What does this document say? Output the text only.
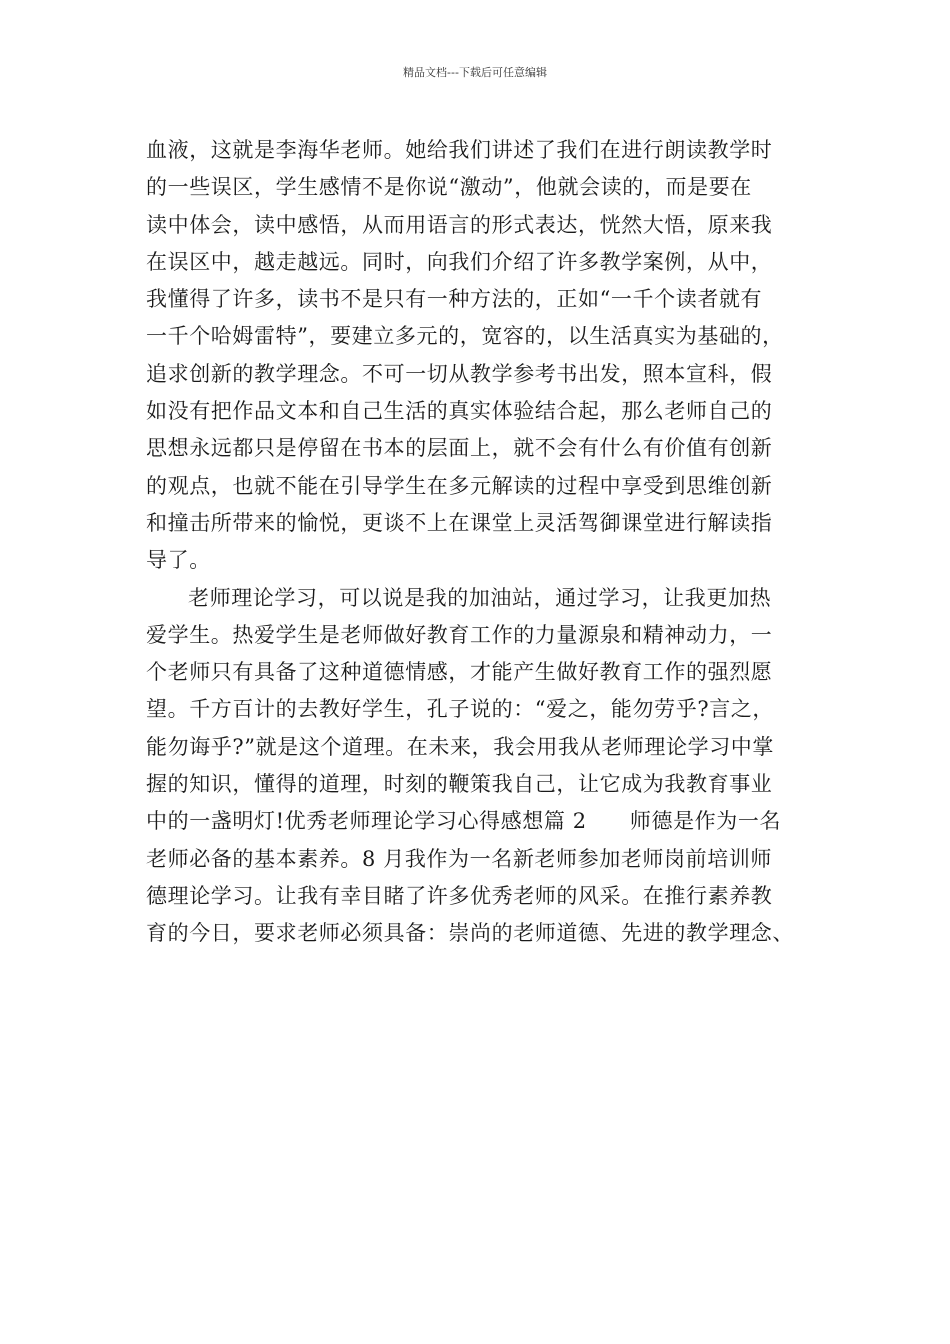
精品文档---下载后可任意编辑
血液，这就是李海华老师。她给我们讲述了我们在进行朗读教学时
的一些误区，学生感情不是你说“激动”，他就会读的，而是要在
读中体会，读中感悟，从而用语言的形式表达，恍然大悟，原来我
在误区中，越走越远。同时，向我们介绍了许多教学案例，从中，
我懂得了许多，读书不是只有一种方法的，正如“一千个读者就有
一千个哈姆雷特”，要建立多元的，宽容的，以生活真实为基础的，
追求创新的教学理念。不可一切从教学参考书出发，照本宣科，假
如没有把作品文本和自己生活的真实体验结合起，那么老师自己的
思想永远都只是停留在书本的层面上，就不会有什么有价值有创新
的观点，也就不能在引导学生在多元解读的过程中享受到思维创新
和撞击所带来的愉悦，更谈不上在课堂上灵活驾御课堂进行解读指
导了。
老师理论学习，可以说是我的加油站，通过学习，让我更加热
爱学生。热爱学生是老师做好教育工作的力量源泉和精神动力，一
个老师只有具备了这种道德情感，才能产生做好教育工作的强烈愿
望。千方百计的去教好学生，孔子说的：“爱之，能勿劳乎?言之，
能勿诲乎?”就是这个道理。在未来，我会用我从老师理论学习中掌
握的知识，懂得的道理，时刻的鞭策我自己，让它成为我教育事业
中的一盏明灯!优秀老师理论学习心得感想篇 2　　师德是作为一名
老师必备的基本素养。8 月我作为一名新老师参加老师岗前培训师
德理论学习。让我有幸目睹了许多优秀老师的风采。在推行素养教
育的今日，要求老师必须具备：崇尚的老师道德、先进的教学理念、
